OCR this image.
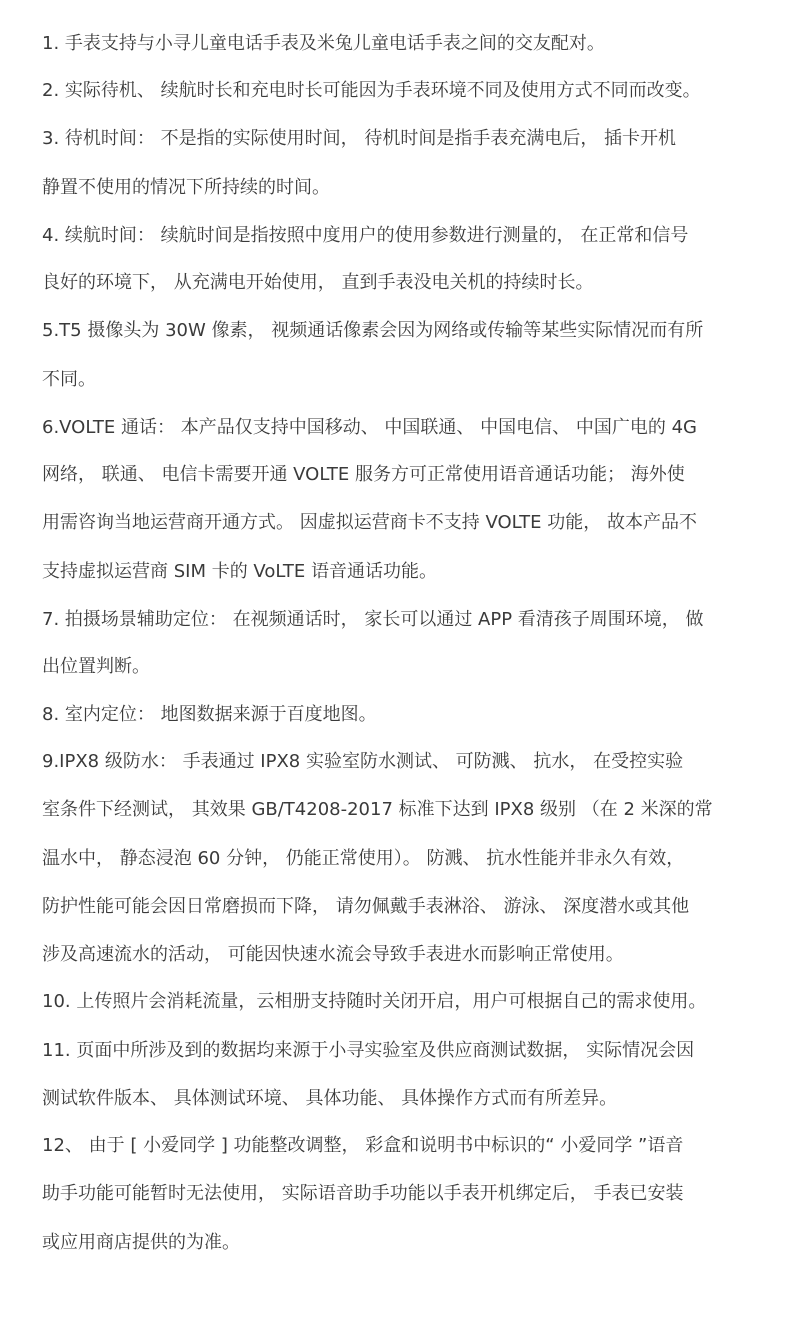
1. 手表支持与小寻儿童电话手表及米兔儿童电话手表之间的交友配对。
2. 实际待机、 续航时长和充电时长可能因为手表环境不同及使用方式不同而改变。
3. 待机时间： 不是指的实际使用时间， 待机时间是指手表充满电后， 插卡开机
静置不使用的情况下所持续的时间。
4. 续航时间： 续航时间是指按照中度用户的使用参数进行测量的， 在正常和信号
良好的环境下， 从充满电开始使用， 直到手表没电关机的持续时长。
5.T5 摄像头为 30W 像素， 视频通话像素会因为网络或传输等某些实际情况而有所
不同。
6.VOLTE 通话： 本产品仅支持中国移动、 中国联通、 中国电信、 中国广电的 4G
网络， 联通、 电信卡需要开通 VOLTE 服务方可正常使用语音通话功能； 海外使
用需咨询当地运营商开通方式。 因虚拟运营商卡不支持 VOLTE 功能， 故本产品不
支持虚拟运营商 SIM 卡的 VoLTE 语音通话功能。
7. 拍摄场景辅助定位： 在视频通话时， 家长可以通过 APP 看清孩子周围环境， 做
出位置判断。
8. 室内定位： 地图数据来源于百度地图。
9.IPX8 级防水： 手表通过 IPX8 实验室防水测试、 可防溅、 抗水， 在受控实验
室条件下经测试， 其效果 GB/T4208-2017 标准下达到 IPX8 级别 （在 2 米深的常
温水中， 静态浸泡 60 分钟， 仍能正常使用）。 防溅、 抗水性能并非永久有效，
防护性能可能会因日常磨损而下降， 请勿佩戴手表淋浴、 游泳、 深度潜水或其他
涉及高速流水的活动， 可能因快速水流会导致手表进水而影响正常使用。
10. 上传照片会消耗流量，云相册支持随时关闭开启，用户可根据自己的需求使用。
11. 页面中所涉及到的数据均来源于小寻实验室及供应商测试数据， 实际情况会因
测试软件版本、 具体测试环境、 具体功能、 具体操作方式而有所差异。
12、 由于 [ 小爱同学 ] 功能整改调整， 彩盒和说明书中标识的“ 小爱同学 ”语音
助手功能可能暂时无法使用， 实际语音助手功能以手表开机绑定后， 手表已安装
或应用商店提供的为准。
